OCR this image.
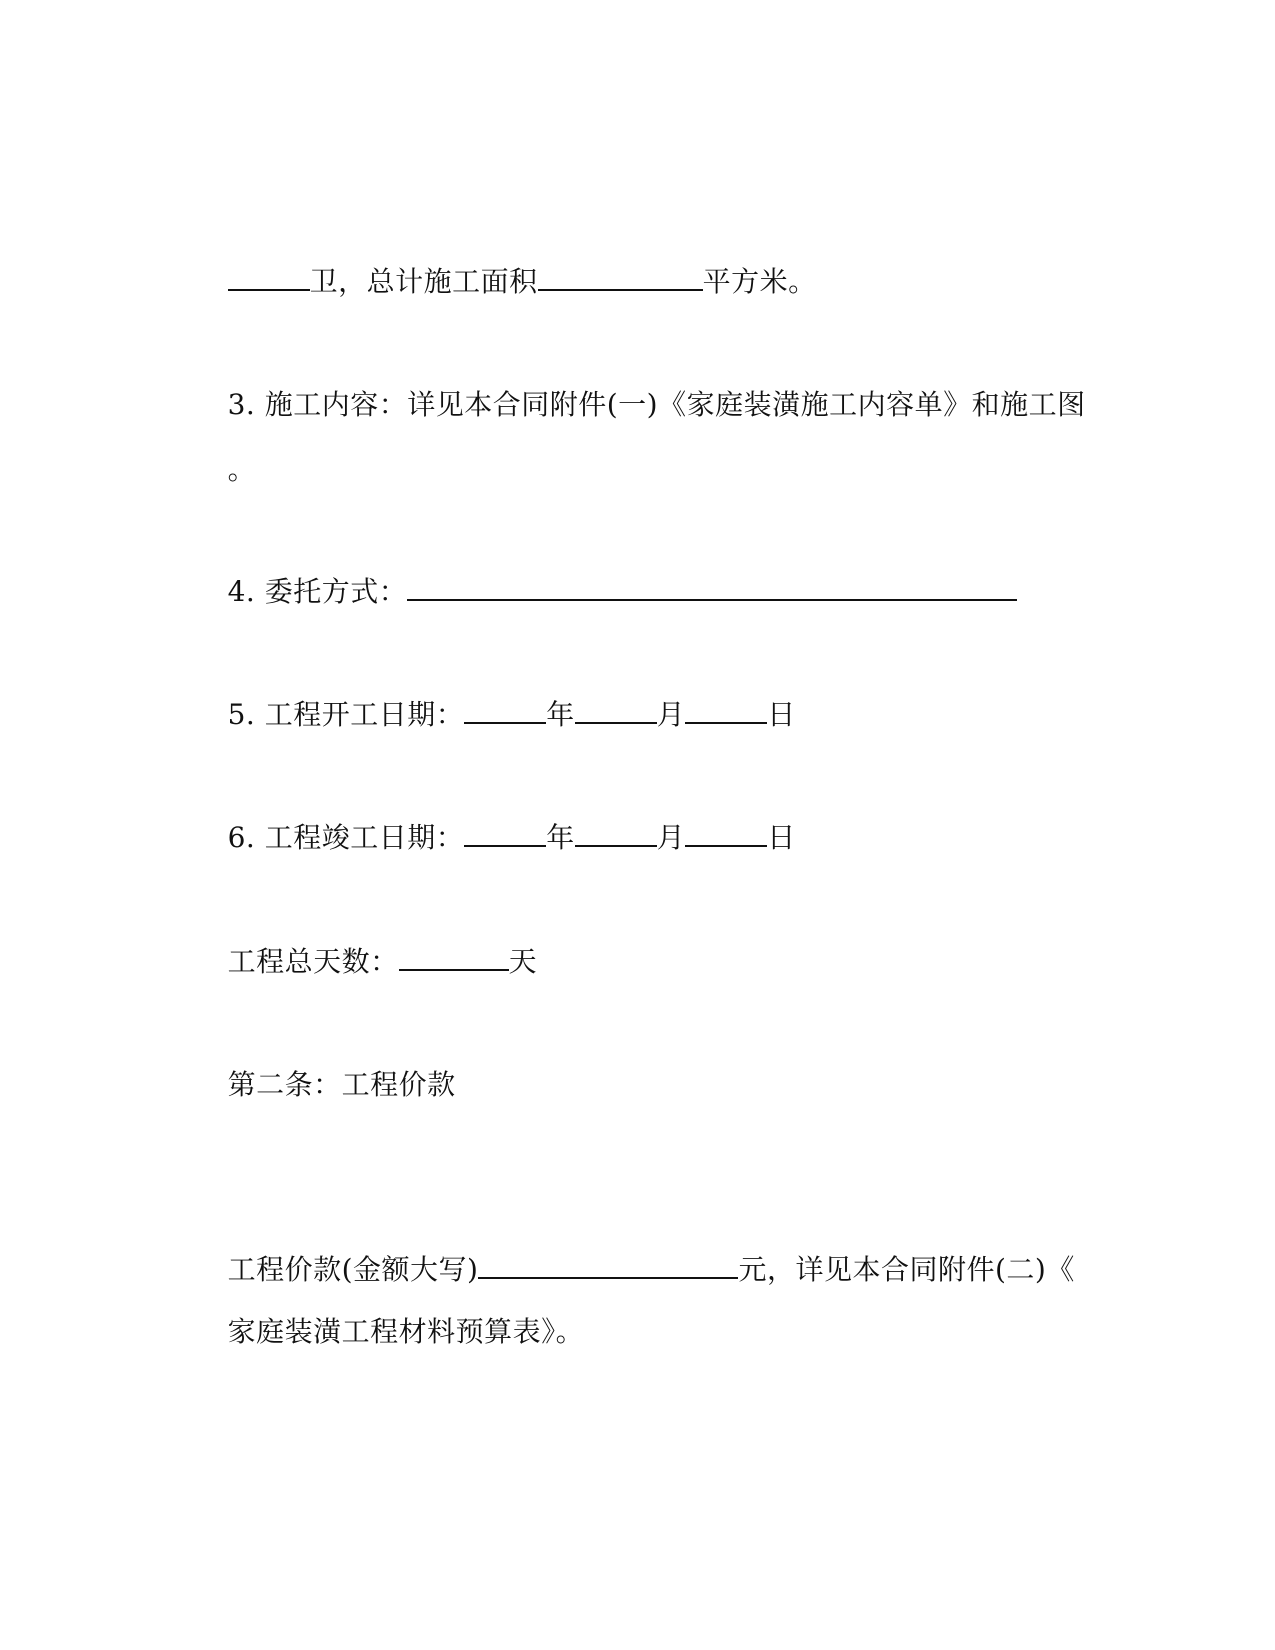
卫，总计施工面积	平方米。

3. 施工内容：详见本合同附件(一)《家庭装潢施工内容单》和施工图

。

4. 委托方式：

5. 工程开工日期：	年	月	日

6. 工程竣工日期：	年	月	日

工程总天数：	天

第二条：工程价款

工程价款(金额大写)	元，详见本合同附件(二)《

家庭装潢工程材料预算表》。
